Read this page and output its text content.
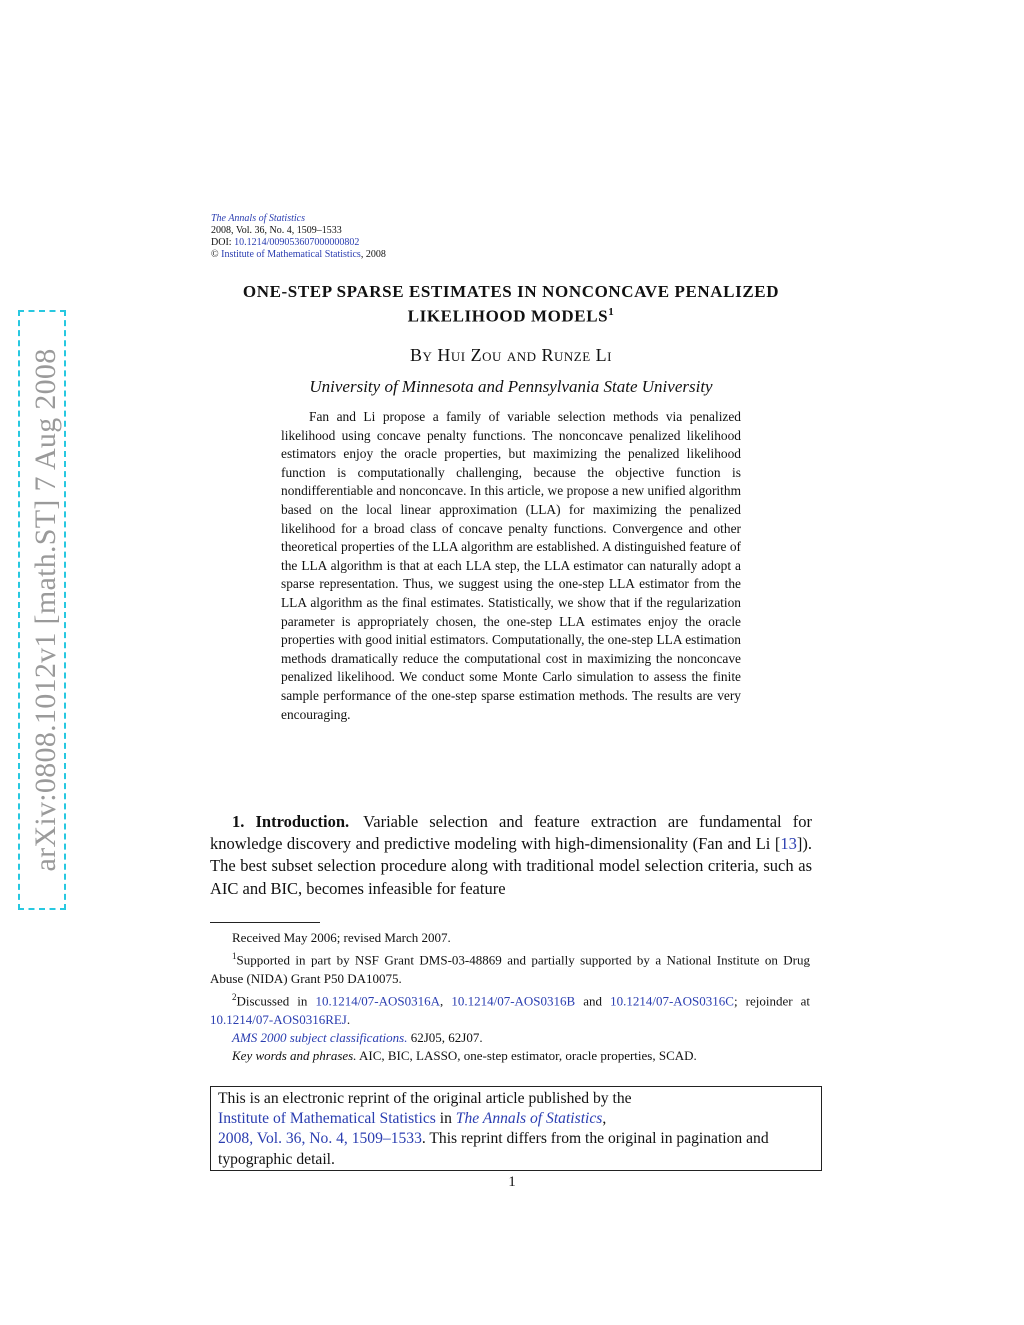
arXiv:0808.1012v1 [math.ST] 7 Aug 2008
The Annals of Statistics
2008, Vol. 36, No. 4, 1509–1533
DOI: 10.1214/009053607000000802
© Institute of Mathematical Statistics, 2008
ONE-STEP SPARSE ESTIMATES IN NONCONCAVE PENALIZED
LIKELIHOOD MODELS$^1$
By Hui Zou and Runze Li
University of Minnesota and Pennsylvania State University
Fan and Li propose a family of variable selection methods via penalized likelihood using concave penalty functions. The nonconcave penalized likelihood estimators enjoy the oracle properties, but maximizing the penalized likelihood function is computationally challenging, because the objective function is nondifferentiable and nonconcave. In this article, we propose a new unified algorithm based on the local linear approximation (LLA) for maximizing the penalized likelihood for a broad class of concave penalty functions. Convergence and other theoretical properties of the LLA algorithm are established. A distinguished feature of the LLA algorithm is that at each LLA step, the LLA estimator can naturally adopt a sparse representation. Thus, we suggest using the one-step LLA estimator from the LLA algorithm as the final estimates. Statistically, we show that if the regularization parameter is appropriately chosen, the one-step LLA estimates enjoy the oracle properties with good initial estimators. Computationally, the one-step LLA estimation methods dramatically reduce the computational cost in maximizing the nonconcave penalized likelihood. We conduct some Monte Carlo simulation to assess the finite sample performance of the one-step sparse estimation methods. The results are very encouraging.
1. Introduction. Variable selection and feature extraction are fundamental for knowledge discovery and predictive modeling with high-dimensionality (Fan and Li [13]). The best subset selection procedure along with traditional model selection criteria, such as AIC and BIC, becomes infeasible for feature

Received May 2006; revised March 2007.

$^1$Supported in part by NSF Grant DMS-03-48869 and partially supported by a National Institute on Drug Abuse (NIDA) Grant P50 DA10075.

$^2$Discussed in 10.1214/07-AOS0316A, 10.1214/07-AOS0316B and 10.1214/07-AOS0316C; rejoinder at 10.1214/07-AOS0316REJ.

AMS 2000 subject classifications. 62J05, 62J07.

Key words and phrases. AIC, BIC, LASSO, one-step estimator, oracle properties, SCAD.

This is an electronic reprint of the original article published by the
Institute of Mathematical Statistics in The Annals of Statistics,
2008, Vol. 36, No. 4, 1509–1533. This reprint differs from the original in pagination and typographic detail.
1
